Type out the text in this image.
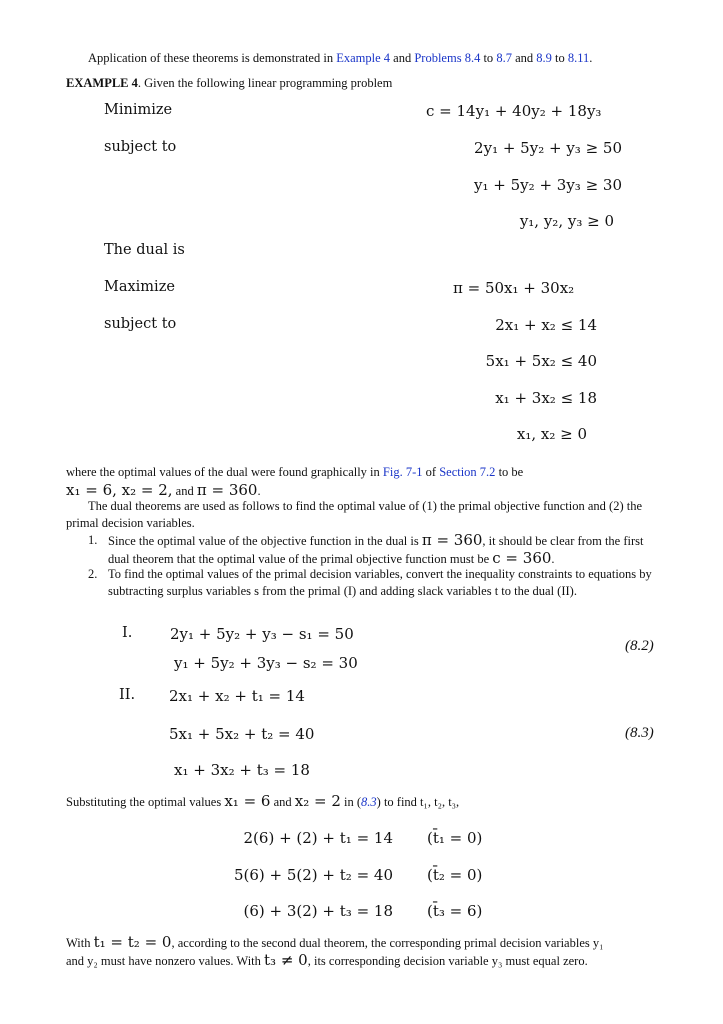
Application of these theorems is demonstrated in Example 4 and Problems 8.4 to 8.7 and 8.9 to 8.11.
EXAMPLE 4. Given the following linear programming problem
Minimize	c = 14y₁ + 40y₂ + 18y₃
subject to	2y₁ + 5y₂ + y₃ ≥ 50
y₁ + 5y₂ + 3y₃ ≥ 30
y₁, y₂, y₃ ≥ 0
The dual is
Maximize	π = 50x₁ + 30x₂
subject to	2x₁ + x₂ ≤ 14
5x₁ + 5x₂ ≤ 40
x₁ + 3x₂ ≤ 18
x₁, x₂ ≥ 0
where the optimal values of the dual were found graphically in Fig. 7-1 of Section 7.2 to be
x₁ = 6, x₂ = 2, and π = 360.
The dual theorems are used as follows to find the optimal value of (1) the primal objective function and (2) the primal decision variables.
1. Since the optimal value of the objective function in the dual is π = 360, it should be clear from the first dual theorem that the optimal value of the primal objective function must be c = 360.
2. To find the optimal values of the primal decision variables, convert the inequality constraints to equations by subtracting surplus variables s from the primal (I) and adding slack variables t to the dual (II).
I.	2y₁ + 5y₂ + y₃ − s₁ = 50
y₁ + 5y₂ + 3y₃ − s₂ = 30
(8.2)
II. 2x₁ + x₂ + t₁ = 14
5x₁ + 5x₂ + t₂ = 40
x₁ + 3x₂ + t₃ = 18
(8.3)
Substituting the optimal values x₁ = 6 and x₂ = 2 in (8.3) to find t₁, t₂, t₃,
2(6) + (2) + t₁ = 14 (t̄₁ = 0)
5(6) + 5(2) + t₂ = 40 (t̄₂ = 0)
(6) + 3(2) + t₃ = 18 (t̄₃ = 6)
With t₁ = t₂ = 0, according to the second dual theorem, the corresponding primal decision variables y₁
and y₂ must have nonzero values. With t₃ ≠ 0, its corresponding decision variable y₃ must equal zero.
